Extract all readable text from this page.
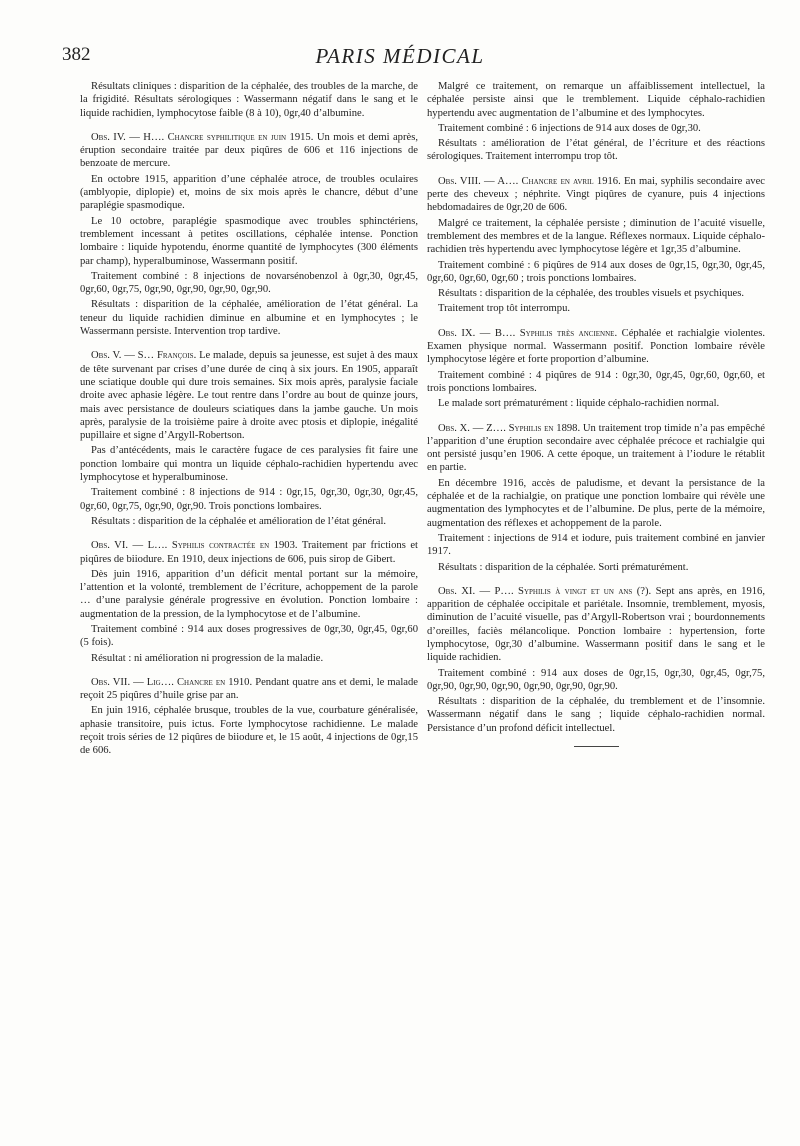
382	PARIS MÉDICAL

Résultats cliniques : disparition de la céphalée, des troubles de la marche, de la frigidité. Résultats sérologiques : Wassermann négatif dans le sang et le liquide rachidien, lymphocytose faible (8 à 10), 0gr,40 d’albumine.

Obs. IV. — H…. Chancre syphilitique en juin 1915. Un mois et demi après, éruption secondaire traitée par deux piqûres de 606 et 116 injections de benzoate de mercure.

En octobre 1915, apparition d’une céphalée atroce, de troubles oculaires (amblyopie, diplopie) et, moins de six mois après le chancre, début d’une paraplégie spasmodique.

Le 10 octobre, paraplégie spasmodique avec troubles sphinctériens, tremblement incessant à petites oscillations, céphalée intense. Ponction lombaire : liquide hypotendu, énorme quantité de lymphocytes (300 éléments par champ), hyperalbuminose, Wassermann positif.

Traitement combiné : 8 injections de novarsénobenzol à 0gr,30, 0gr,45, 0gr,60, 0gr,75, 0gr,90, 0gr,90, 0gr,90, 0gr,90.

Résultats : disparition de la céphalée, amélioration de l’état général. La teneur du liquide rachidien diminue en albumine et en lymphocytes ; le Wassermann persiste. Intervention trop tardive.

Obs. V. — S… François. Le malade, depuis sa jeunesse, est sujet à des maux de tête survenant par crises d’une durée de cinq à six jours. En 1905, apparaît une sciatique double qui dure trois semaines. Six mois après, paralysie faciale droite avec aphasie légère. Le tout rentre dans l’ordre au bout de quinze jours, mais avec persistance de douleurs sciatiques dans la jambe gauche. Un mois après, paralysie de la troisième paire à droite avec ptosis et diplopie, inégalité pupillaire et signe d’Argyll-Robertson.

Pas d’antécédents, mais le caractère fugace de ces paralysies fit faire une ponction lombaire qui montra un liquide céphalo-rachidien hypertendu avec lymphocytose et hyperalbuminose.

Traitement combiné : 8 injections de 914 : 0gr,15, 0gr,30, 0gr,30, 0gr,45, 0gr,60, 0gr,75, 0gr,90, 0gr,90. Trois ponctions lombaires.

Résultats : disparition de la céphalée et amélioration de l’état général.

Obs. VI. — L…. Syphilis contractée en 1903. Traitement par frictions et piqûres de biiodure. En 1910, deux injections de 606, puis sirop de Gibert.

Dès juin 1916, apparition d’un déficit mental portant sur la mémoire, l’attention et la volonté, tremblement de l’écriture, achoppement de la parole … d’une paralysie générale progressive en évolution. Ponction lombaire : augmentation de la pression, de la lymphocytose et de l’albumine.

Traitement combiné : 914 aux doses progressives de 0gr,30, 0gr,45, 0gr,60 (5 fois).

Résultat : ni amélioration ni progression de la maladie.

Obs. VII. — Lig…. Chancre en 1910. Pendant quatre ans et demi, le malade reçoit 25 piqûres d’huile grise par an.

En juin 1916, céphalée brusque, troubles de la vue, courbature généralisée, aphasie transitoire, puis ictus. Forte lymphocytose rachidienne. Le malade reçoit trois séries de 12 piqûres de biiodure et, le 15 août, 4 injections de 0gr,15 de 606.

Malgré ce traitement, on remarque un affaiblissement intellectuel, la céphalée persiste ainsi que le tremblement. Liquide céphalo-rachidien hypertendu avec augmentation de l’albumine et des lymphocytes.

Traitement combiné : 6 injections de 914 aux doses de 0gr,30.

Résultats : amélioration de l’état général, de l’écriture et des réactions sérologiques. Traitement interrompu trop tôt.

Obs. VIII. — A…. Chancre en avril 1916. En mai, syphilis secondaire avec perte des cheveux ; néphrite. Vingt piqûres de cyanure, puis 4 injections hebdomadaires de 0gr,20 de 606.

Malgré ce traitement, la céphalée persiste ; diminution de l’acuité visuelle, tremblement des membres et de la langue. Réflexes normaux. Liquide céphalo-rachidien très hypertendu avec lymphocytose légère et 1gr,35 d’albumine.

Traitement combiné : 6 piqûres de 914 aux doses de 0gr,15, 0gr,30, 0gr,45, 0gr,60, 0gr,60, 0gr,60 ; trois ponctions lombaires.

Résultats : disparition de la céphalée, des troubles visuels et psychiques.

Traitement trop tôt interrompu.

Obs. IX. — B…. Syphilis très ancienne. Céphalée et rachialgie violentes. Examen physique normal. Wassermann positif. Ponction lombaire révèle lymphocytose légère et forte proportion d’albumine.

Traitement combiné : 4 piqûres de 914 : 0gr,30, 0gr,45, 0gr,60, 0gr,60, et trois ponctions lombaires.

Le malade sort prématurément : liquide céphalo-rachidien normal.

Obs. X. — Z…. Syphilis en 1898. Un traitement trop timide n’a pas empêché l’apparition d’une éruption secondaire avec céphalée précoce et rachialgie qui ont persisté jusqu’en 1906. A cette époque, un traitement à l’iodure le rétablit en partie.

En décembre 1916, accès de paludisme, et devant la persistance de la céphalée et de la rachialgie, on pratique une ponction lombaire qui révèle une augmentation des lymphocytes et de l’albumine. De plus, perte de la mémoire, augmentation des réflexes et achoppement de la parole.

Traitement : injections de 914 et iodure, puis traitement combiné en janvier 1917.

Résultats : disparition de la céphalée. Sorti prématurément.

Obs. XI. — P…. Syphilis à vingt et un ans (?). Sept ans après, en 1916, apparition de céphalée occipitale et pariétale. Insomnie, tremblement, myosis, diminution de l’acuité visuelle, pas d’Argyll-Robertson vrai ; bourdonnements d’oreilles, faciès mélancolique. Ponction lombaire : hypertension, forte lymphocytose, 0gr,30 d’albumine. Wassermann positif dans le sang et le liquide rachidien.

Traitement combiné : 914 aux doses de 0gr,15, 0gr,30, 0gr,45, 0gr,75, 0gr,90, 0gr,90, 0gr,90, 0gr,90, 0gr,90, 0gr,90.

Résultats : disparition de la céphalée, du tremblement et de l’insomnie. Wassermann négatif dans le sang ; liquide céphalo-rachidien normal. Persistance d’un profond déficit intellectuel.
